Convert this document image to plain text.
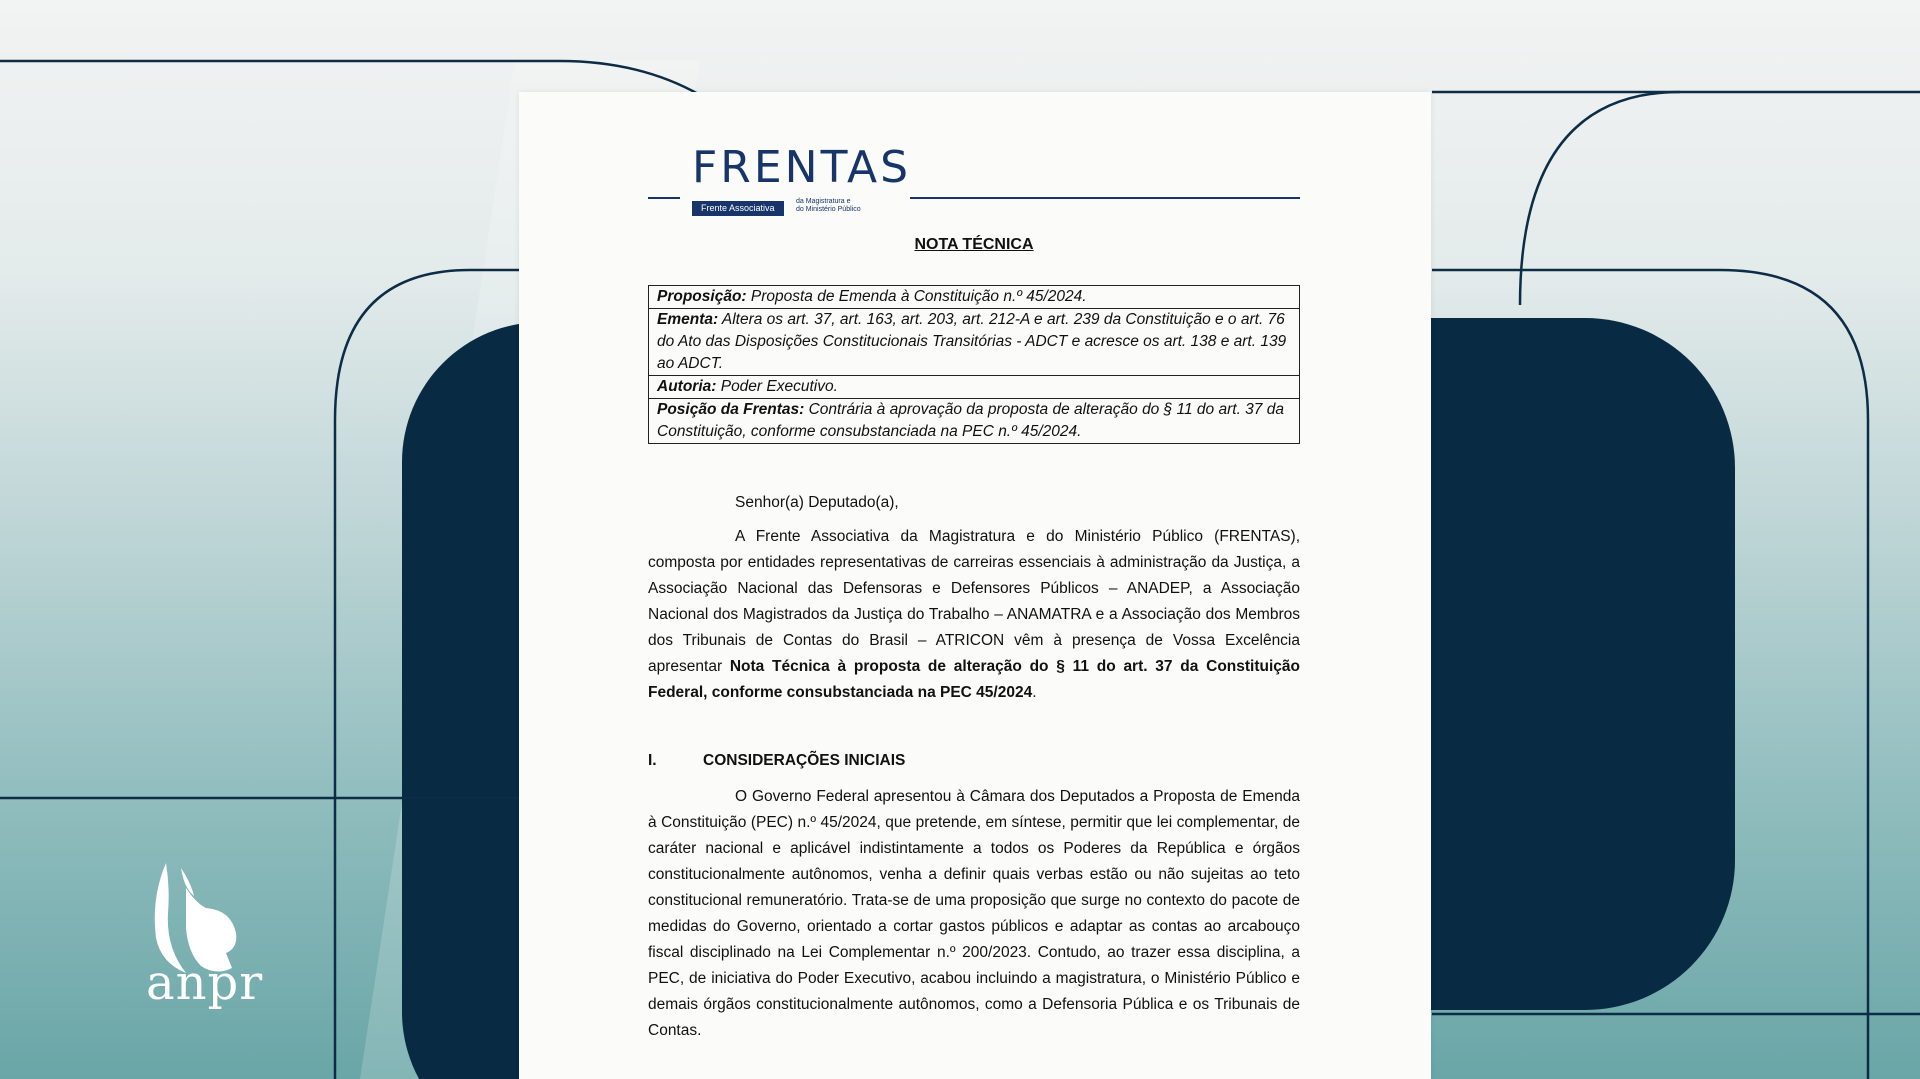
FRENTAS
Frente Associativa
da Magistratura e
do Ministério Público
NOTA TÉCNICA
Proposição: Proposta de Emenda à Constituição n.º 45/2024.
Ementa: Altera os art. 37, art. 163, art. 203, art. 212-A e art. 239 da Constituição e o art. 76 do Ato das Disposições Constitucionais Transitórias - ADCT e acresce os art. 138 e art. 139 ao ADCT.
Autoria: Poder Executivo.
Posição da Frentas: Contrária à aprovação da proposta de alteração do § 11 do art. 37 da Constituição, conforme consubstanciada na PEC n.º 45/2024.

Senhor(a) Deputado(a),

A Frente Associativa da Magistratura e do Ministério Público (FRENTAS), composta por entidades representativas de carreiras essenciais à administração da Justiça, a Associação Nacional das Defensoras e Defensores Públicos – ANADEP, a Associação Nacional dos Magistrados da Justiça do Trabalho – ANAMATRA e a Associação dos Membros dos Tribunais de Contas do Brasil – ATRICON vêm à presença de Vossa Excelência apresentar Nota Técnica à proposta de alteração do § 11 do art. 37 da Constituição Federal, conforme consubstanciada na PEC 45/2024.

I.	CONSIDERAÇÕES INICIAIS

O Governo Federal apresentou à Câmara dos Deputados a Proposta de Emenda à Constituição (PEC) n.º 45/2024, que pretende, em síntese, permitir que lei complementar, de caráter nacional e aplicável indistintamente a todos os Poderes da República e órgãos constitucionalmente autônomos, venha a definir quais verbas estão ou não sujeitas ao teto constitucional remuneratório. Trata-se de uma proposição que surge no contexto do pacote de medidas do Governo, orientado a cortar gastos públicos e adaptar as contas ao arcabouço fiscal disciplinado na Lei Complementar n.º 200/2023. Contudo, ao trazer essa disciplina, a PEC, de iniciativa do Poder Executivo, acabou incluindo a magistratura, o Ministério Público e demais órgãos constitucionalmente autônomos, como a Defensoria Pública e os Tribunais de Contas.

anpr
